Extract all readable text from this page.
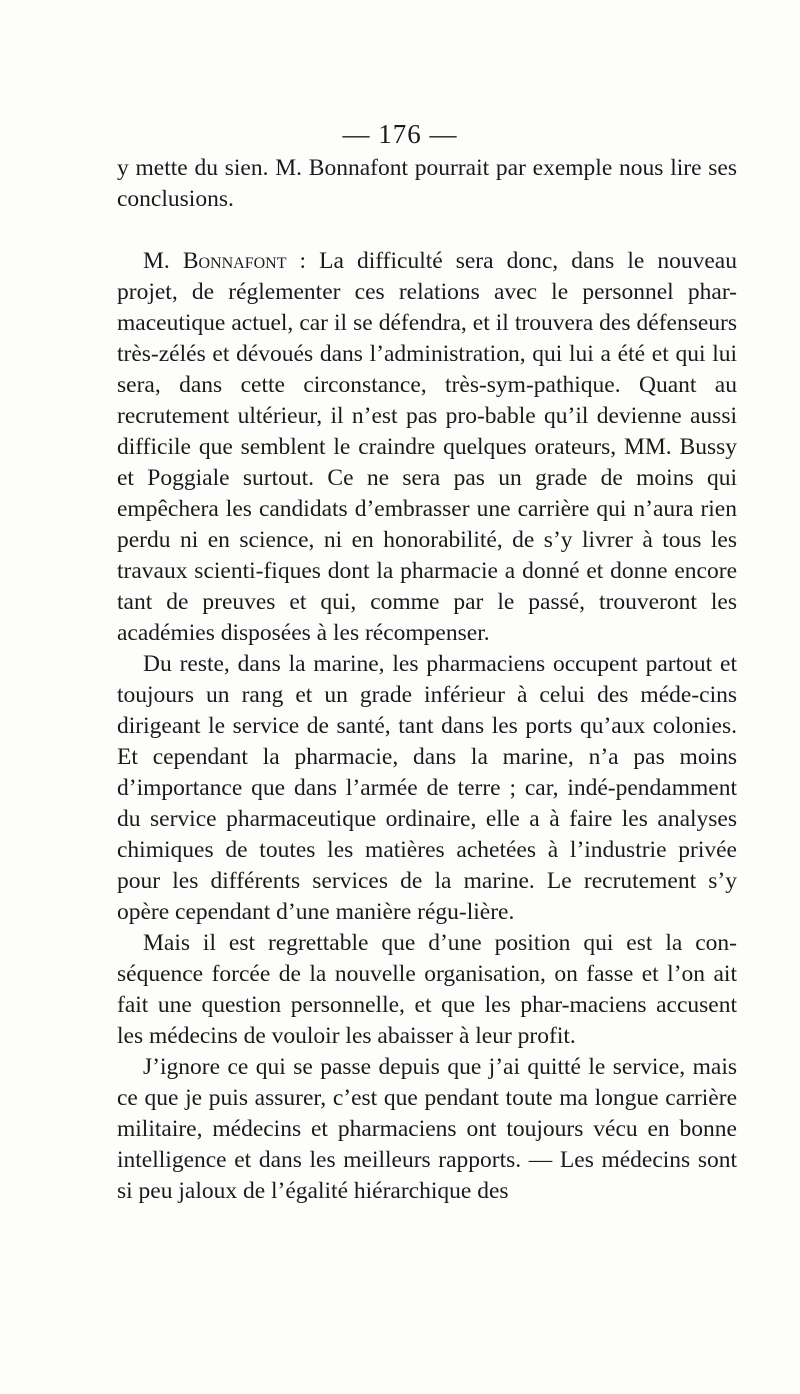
— 176 —

y mette du sien. M. Bonnafont pourrait par exemple nous lire ses conclusions.

M. Bonnafont : La difficulté sera donc, dans le nouveau projet, de réglementer ces relations avec le personnel phar-maceutique actuel, car il se défendra, et il trouvera des défenseurs très-zélés et dévoués dans l’administration, qui lui a été et qui lui sera, dans cette circonstance, très-sym-pathique. Quant au recrutement ultérieur, il n’est pas pro-bable qu’il devienne aussi difficile que semblent le craindre quelques orateurs, MM. Bussy et Poggiale surtout. Ce ne sera pas un grade de moins qui empêchera les candidats d’embrasser une carrière qui n’aura rien perdu ni en science, ni en honorabilité, de s’y livrer à tous les travaux scienti-fiques dont la pharmacie a donné et donne encore tant de preuves et qui, comme par le passé, trouveront les académies disposées à les récompenser.

Du reste, dans la marine, les pharmaciens occupent partout et toujours un rang et un grade inférieur à celui des méde-cins dirigeant le service de santé, tant dans les ports qu’aux colonies. Et cependant la pharmacie, dans la marine, n’a pas moins d’importance que dans l’armée de terre ; car, indé-pendamment du service pharmaceutique ordinaire, elle a à faire les analyses chimiques de toutes les matières achetées à l’industrie privée pour les différents services de la marine. Le recrutement s’y opère cependant d’une manière régu-lière.

Mais il est regrettable que d’une position qui est la con-séquence forcée de la nouvelle organisation, on fasse et l’on ait fait une question personnelle, et que les phar-maciens accusent les médecins de vouloir les abaisser à leur profit.

J’ignore ce qui se passe depuis que j’ai quitté le service, mais ce que je puis assurer, c’est que pendant toute ma longue carrière militaire, médecins et pharmaciens ont toujours vécu en bonne intelligence et dans les meilleurs rapports. — Les médecins sont si peu jaloux de l’égalité hiérarchique des
